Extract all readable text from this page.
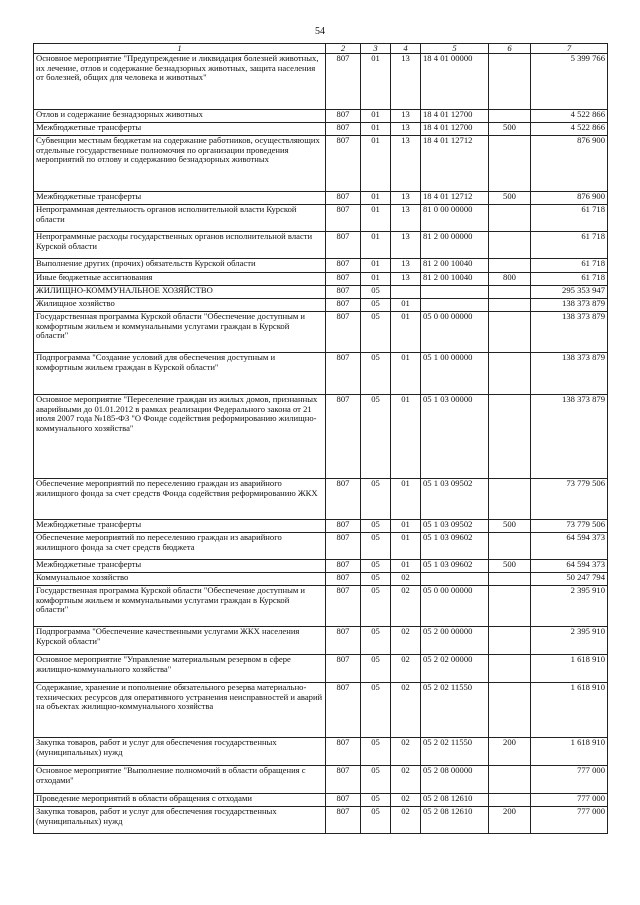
54
1	2	3	4	5	6	7
Основное мероприятие "Предупреждение и ликвидация болезней животных, их лечение, отлов и содержание безнадзорных животных, защита населения от болезней, общих для человека и животных"	807	01	13	18 4 01 00000		5 399 766
Отлов и содержание безнадзорных животных	807	01	13	18 4 01 12700		4 522 866
Межбюджетные трансферты	807	01	13	18 4 01 12700	500	4 522 866
Субвенции местным бюджетам на содержание работников, осуществляющих отдельные государственные полномочия по организации проведения мероприятий по отлову и содержанию безнадзорных животных	807	01	13	18 4 01 12712		876 900
Межбюджетные трансферты	807	01	13	18 4 01 12712	500	876 900
Непрограммная деятельность органов исполнительной власти Курской области	807	01	13	81 0 00 00000		61 718
Непрограммные расходы государственных органов исполнительной власти Курской области	807	01	13	81 2 00 00000		61 718
Выполнение других (прочих) обязательств Курской области	807	01	13	81 2 00 10040		61 718
Иные бюджетные ассигнования	807	01	13	81 2 00 10040	800	61 718
ЖИЛИЩНО-КОММУНАЛЬНОЕ ХОЗЯЙСТВО	807	05				295 353 947
Жилищное хозяйство	807	05	01			138 373 879
Государственная программа Курской области "Обеспечение доступным и комфортным жильем и коммунальными услугами граждан в Курской области"	807	05	01	05 0 00 00000		138 373 879
Подпрограмма "Создание условий для обеспечения доступным и комфортным жильем граждан в Курской области"	807	05	01	05 1 00 00000		138 373 879
Основное мероприятие "Переселение граждан из жилых домов, признанных аварийными до 01.01.2012 в рамках реализации Федерального закона от 21 июля 2007 года №185-ФЗ "О Фонде содействия реформированию жилищно-коммунального хозяйства"	807	05	01	05 1 03 00000		138 373 879
Обеспечение мероприятий по переселению граждан из аварийного жилищного фонда за счет средств Фонда содействия реформированию ЖКХ	807	05	01	05 1 03 09502		73 779 506
Межбюджетные трансферты	807	05	01	05 1 03 09502	500	73 779 506
Обеспечение мероприятий по переселению граждан из аварийного жилищного фонда за счет средств бюджета	807	05	01	05 1 03 09602		64 594 373
Межбюджетные трансферты	807	05	01	05 1 03 09602	500	64 594 373
Коммунальное хозяйство	807	05	02			50 247 794
Государственная программа Курской области "Обеспечение доступным и комфортным жильем и коммунальными услугами граждан в Курской области"	807	05	02	05 0 00 00000		2 395 910
Подпрограмма "Обеспечение качественными услугами ЖКХ населения Курской области"	807	05	02	05 2 00 00000		2 395 910
Основное мероприятие "Управление материальным резервом в сфере жилищно-коммунального хозяйства"	807	05	02	05 2 02 00000		1 618 910
Содержание, хранение и пополнение обязательного резерва материально-технических ресурсов для оперативного устранения неисправностей и аварий на объектах жилищно-коммунального хозяйства	807	05	02	05 2 02 11550		1 618 910
Закупка товаров, работ и услуг для обеспечения государственных (муниципальных) нужд	807	05	02	05 2 02 11550	200	1 618 910
Основное мероприятие "Выполнение полномочий в области обращения с отходами"	807	05	02	05 2 08 00000		777 000
Проведение мероприятий в области обращения с отходами	807	05	02	05 2 08 12610		777 000
Закупка товаров, работ и услуг для обеспечения государственных (муниципальных) нужд	807	05	02	05 2 08 12610	200	777 000
